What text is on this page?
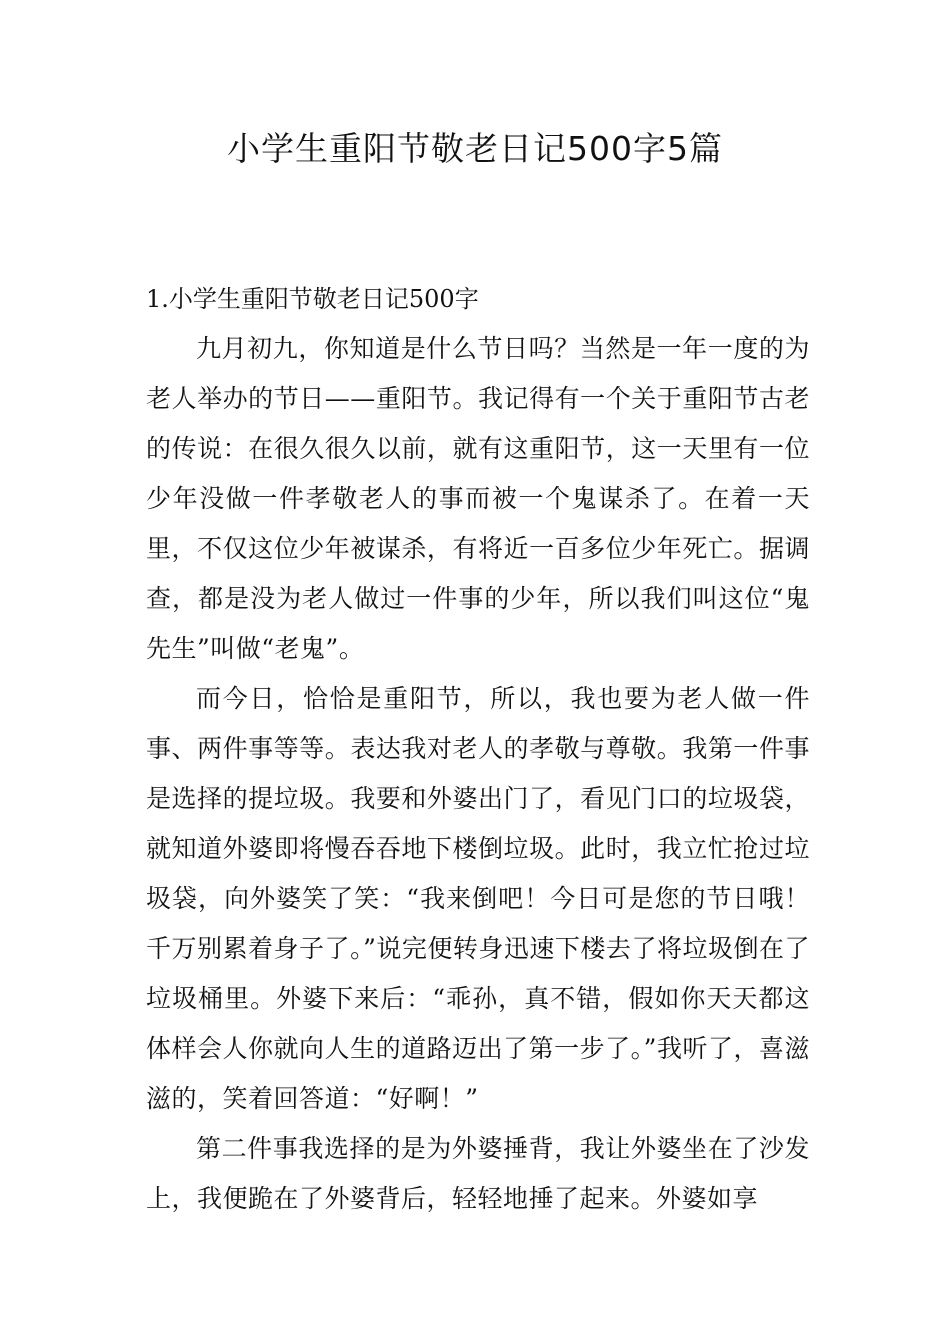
小学生重阳节敬老日记500字5篇

1.小学生重阳节敬老日记500字

九月初九，你知道是什么节日吗？当然是一年一度的为老人举办的节日——重阳节。我记得有一个关于重阳节古老的传说：在很久很久以前，就有这重阳节，这一天里有一位少年没做一件孝敬老人的事而被一个鬼谋杀了。在着一天里，不仅这位少年被谋杀，有将近一百多位少年死亡。据调查，都是没为老人做过一件事的少年，所以我们叫这位“鬼先生”叫做“老鬼”。

而今日，恰恰是重阳节，所以，我也要为老人做一件事、两件事等等。表达我对老人的孝敬与尊敬。我第一件事是选择的提垃圾。我要和外婆出门了，看见门口的垃圾袋，就知道外婆即将慢吞吞地下楼倒垃圾。此时，我立忙抢过垃圾袋，向外婆笑了笑：“我来倒吧！今日可是您的节日哦！千万别累着身子了。”说完便转身迅速下楼去了将垃圾倒在了垃圾桶里。外婆下来后：“乖孙，真不错，假如你天天都这体样会人你就向人生的道路迈出了第一步了。”我听了，喜滋滋的，笑着回答道：“好啊！”

第二件事我选择的是为外婆捶背，我让外婆坐在了沙发上，我便跪在了外婆背后，轻轻地捶了起来。外婆如享
